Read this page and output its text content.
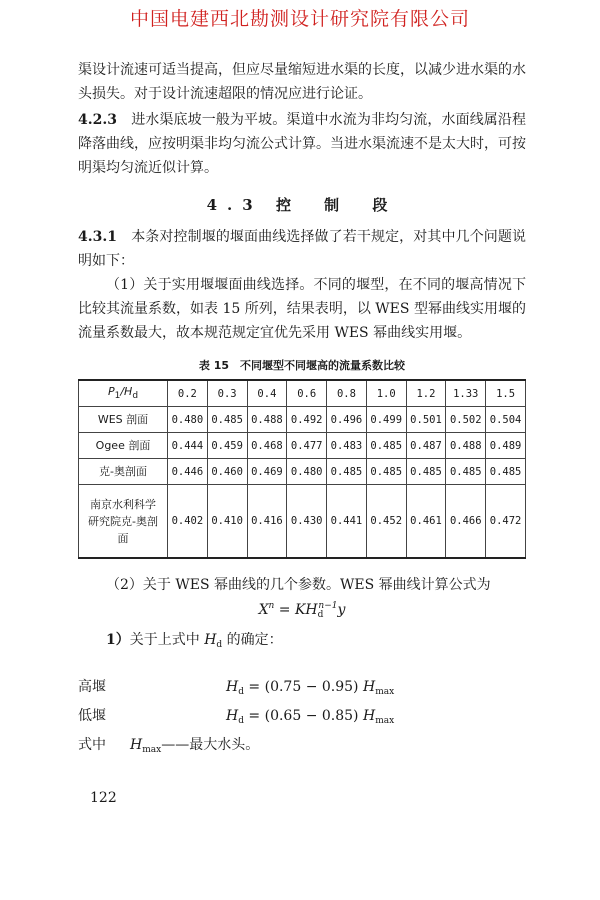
中国电建西北勘测设计研究院有限公司

渠设计流速可适当提高，但应尽量缩短进水渠的长度，以减少进水渠的水头损失。对于设计流速超限的情况应进行论证。

4.2.3　 进水渠底坡一般为平坡。渠道中水流为非均匀流，水面线属沿程降落曲线，应按明渠非均匀流公式计算。当进水渠流速不是太大时，可按明渠均匀流近似计算。

4.3 控 制 段

4.3.1　 本条对控制堰的堰面曲线选择做了若干规定，对其中几个问题说明如下：

（1）关于实用堰堰面曲线选择。不同的堰型，在不同的堰高情况下比较其流量系数，如表 15 所列，结果表明，以 WES 型幂曲线实用堰的流量系数最大，故本规范规定宜优先采用 WES 幂曲线实用堰。

表 15　不同堰型不同堰高的流量系数比较
$P_1/H_d$	0.2	0.3	0.4	0.6	0.8	1.0	1.2	1.33	1.5
WES 剖面	0.480	0.485	0.488	0.492	0.496	0.499	0.501	0.502	0.504
Ogee 剖面	0.444	0.459	0.468	0.477	0.483	0.485	0.487	0.488	0.489
克-奥剖面	0.446	0.460	0.469	0.480	0.485	0.485	0.485	0.485	0.485
南京水利科学研究院克-奥剖面	0.402	0.410	0.416	0.430	0.441	0.452	0.461	0.466	0.472

（2）关于 WES 幂曲线的几个参数。WES 幂曲线计算公式为

$X^n = KH_d^{n-1}y$

1）关于上式中 $H_d$ 的确定：

高堰	$H_d = (0.75 - 0.95)$ $H_{max}$
低堰	$H_d = (0.65 - 0.85)$ $H_{max}$
式中	$H_{max}——$最大水头。
122
